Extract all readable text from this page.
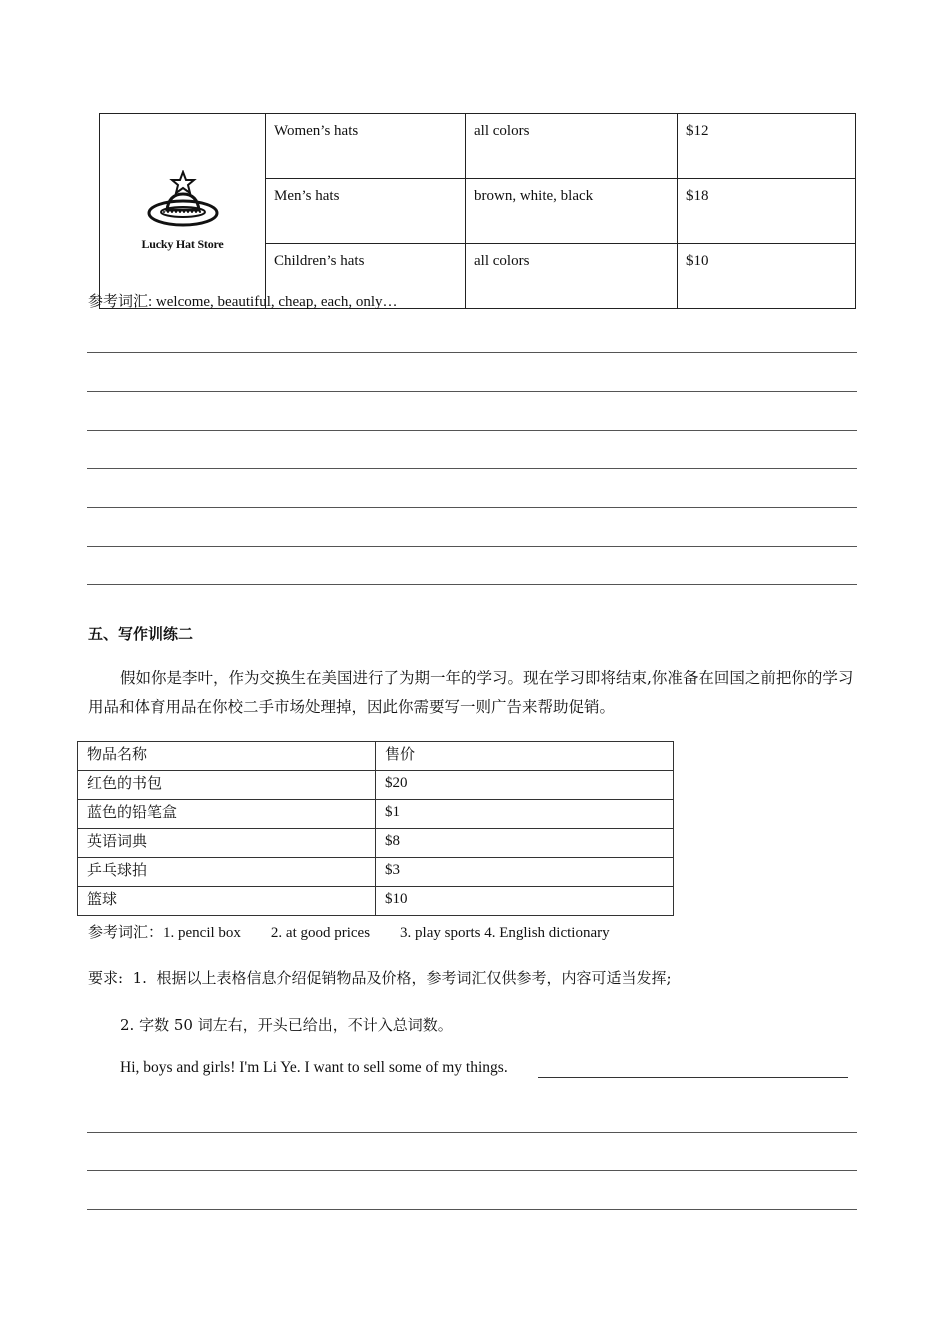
Lucky Hat Store	Women’s hats	all colors	$12
	Men’s hats	brown, white, black	$18
	Children’s hats	all colors	$10
参考词汇: welcome, beautiful, cheap, each, only…
五、写作训练二
假如你是李叶，作为交换生在美国进行了为期一年的学习。现在学习即将结束,你准备在回国之前把你的学习用品和体育用品在你校二手市场处理掉，因此你需要写一则广告来帮助促销。
物品名称	售价
红色的书包	$20
蓝色的铅笔盒	$1
英语词典	$8
乒乓球拍	$3
篮球	$10
参考词汇：1. pencil box        2. at good prices        3. play sports 4. English dictionary
要求:  1.  根据以上表格信息介绍促销物品及价格，参考词汇仅供参考，内容可适当发挥;
2. 字数 50 词左右，开头已给出，不计入总词数。
Hi, boys and girls! I'm Li Ye. I want to sell some of my things.
